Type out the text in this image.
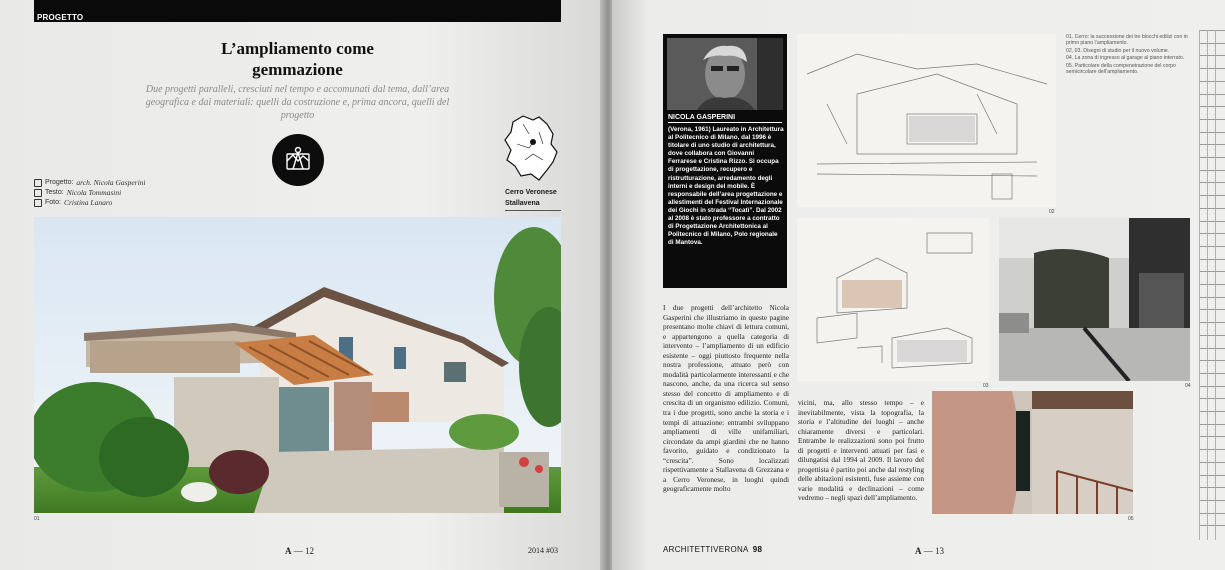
PROGETTO
L’ampliamento come
gemmazione
Due progetti paralleli, cresciuti nel tempo e accomunati dal tema, dall’area geografica e dai materiali: quelli da costruzione e, prima ancora, quelli del progetto
Cerro Veronese
Stallavena
Progetto: arch. Nicola Gasperini
Testo: Nicola Tommasini
Foto: Cristina Lanaro
01
A — 12	2014 #03
NICOLA GASPERINI
(Verona, 1961) Laureato in Architettura al Politecnico di Milano, dal 1996 è titolare di uno studio di architettura, dove collabora con Giovanni Ferrarese e Cristina Rizzo. Si occupa di progettazione, recupero e ristrutturazione, arredamento degli interni e design del mobile. È responsabile dell’area progettazione e allestimenti del Festival Internazionale dei Giochi in strada “Tocatì”. Dal 2002 al 2008 è stato professore a contratto di Progettazione Architettonica al Politecnico di Milano, Polo regionale di Mantova.
02
03	04
05

01. Cerro: la successione dei tre blocchi edilizi con in primo piano l’ampliamento.

02, 03. Disegni di studio per il nuovo volume.

04. La zona di ingresso al garage al piano interrato.

05. Particolare della compenetrazione del corpo semicircolare dell’ampliamento.

I due progetti dell’architetto Nicola Gasperini che illustriamo in queste pagine presentano molte chiavi di lettura comuni, e appartengono a quella categoria di intervento – l’ampliamento di un edificio esistente – oggi piuttosto frequente nella nostra professione, attuato però con modalità particolarmente interessanti e che nascono, anche, da una ricerca sul senso stesso del concetto di ampliamento e di crescita di un organismo edilizio. Comuni, tra i due progetti, sono anche la storia e i tempi di attuazione: entrambi sviluppano ampliamenti di ville unifamiliari, circondate da ampi giardini che ne hanno favorito, guidato e condizionato la “crescita”. Sono localizzati rispettivamente a Stallavena di Grezzana e a Cerro Veronese, in luoghi quindi geograficamente molto
vicini, ma, allo stesso tempo – e inevitabilmente, vista la topografia, la storia e l’altitudine dei luoghi – anche chiaramente diversi e particolari. Entrambe le realizzazioni sono poi frutto di progetti e interventi attuati per fasi e dilungatisi dal 1994 al 2009. Il lavoro del progettista è partito poi anche dal restyling delle abitazioni esistenti, fuse assieme con varie modalità e declinazioni – come vedremo – negli spazi dell’ampliamento.
ARCHITETTIVERONA 98	A — 13
